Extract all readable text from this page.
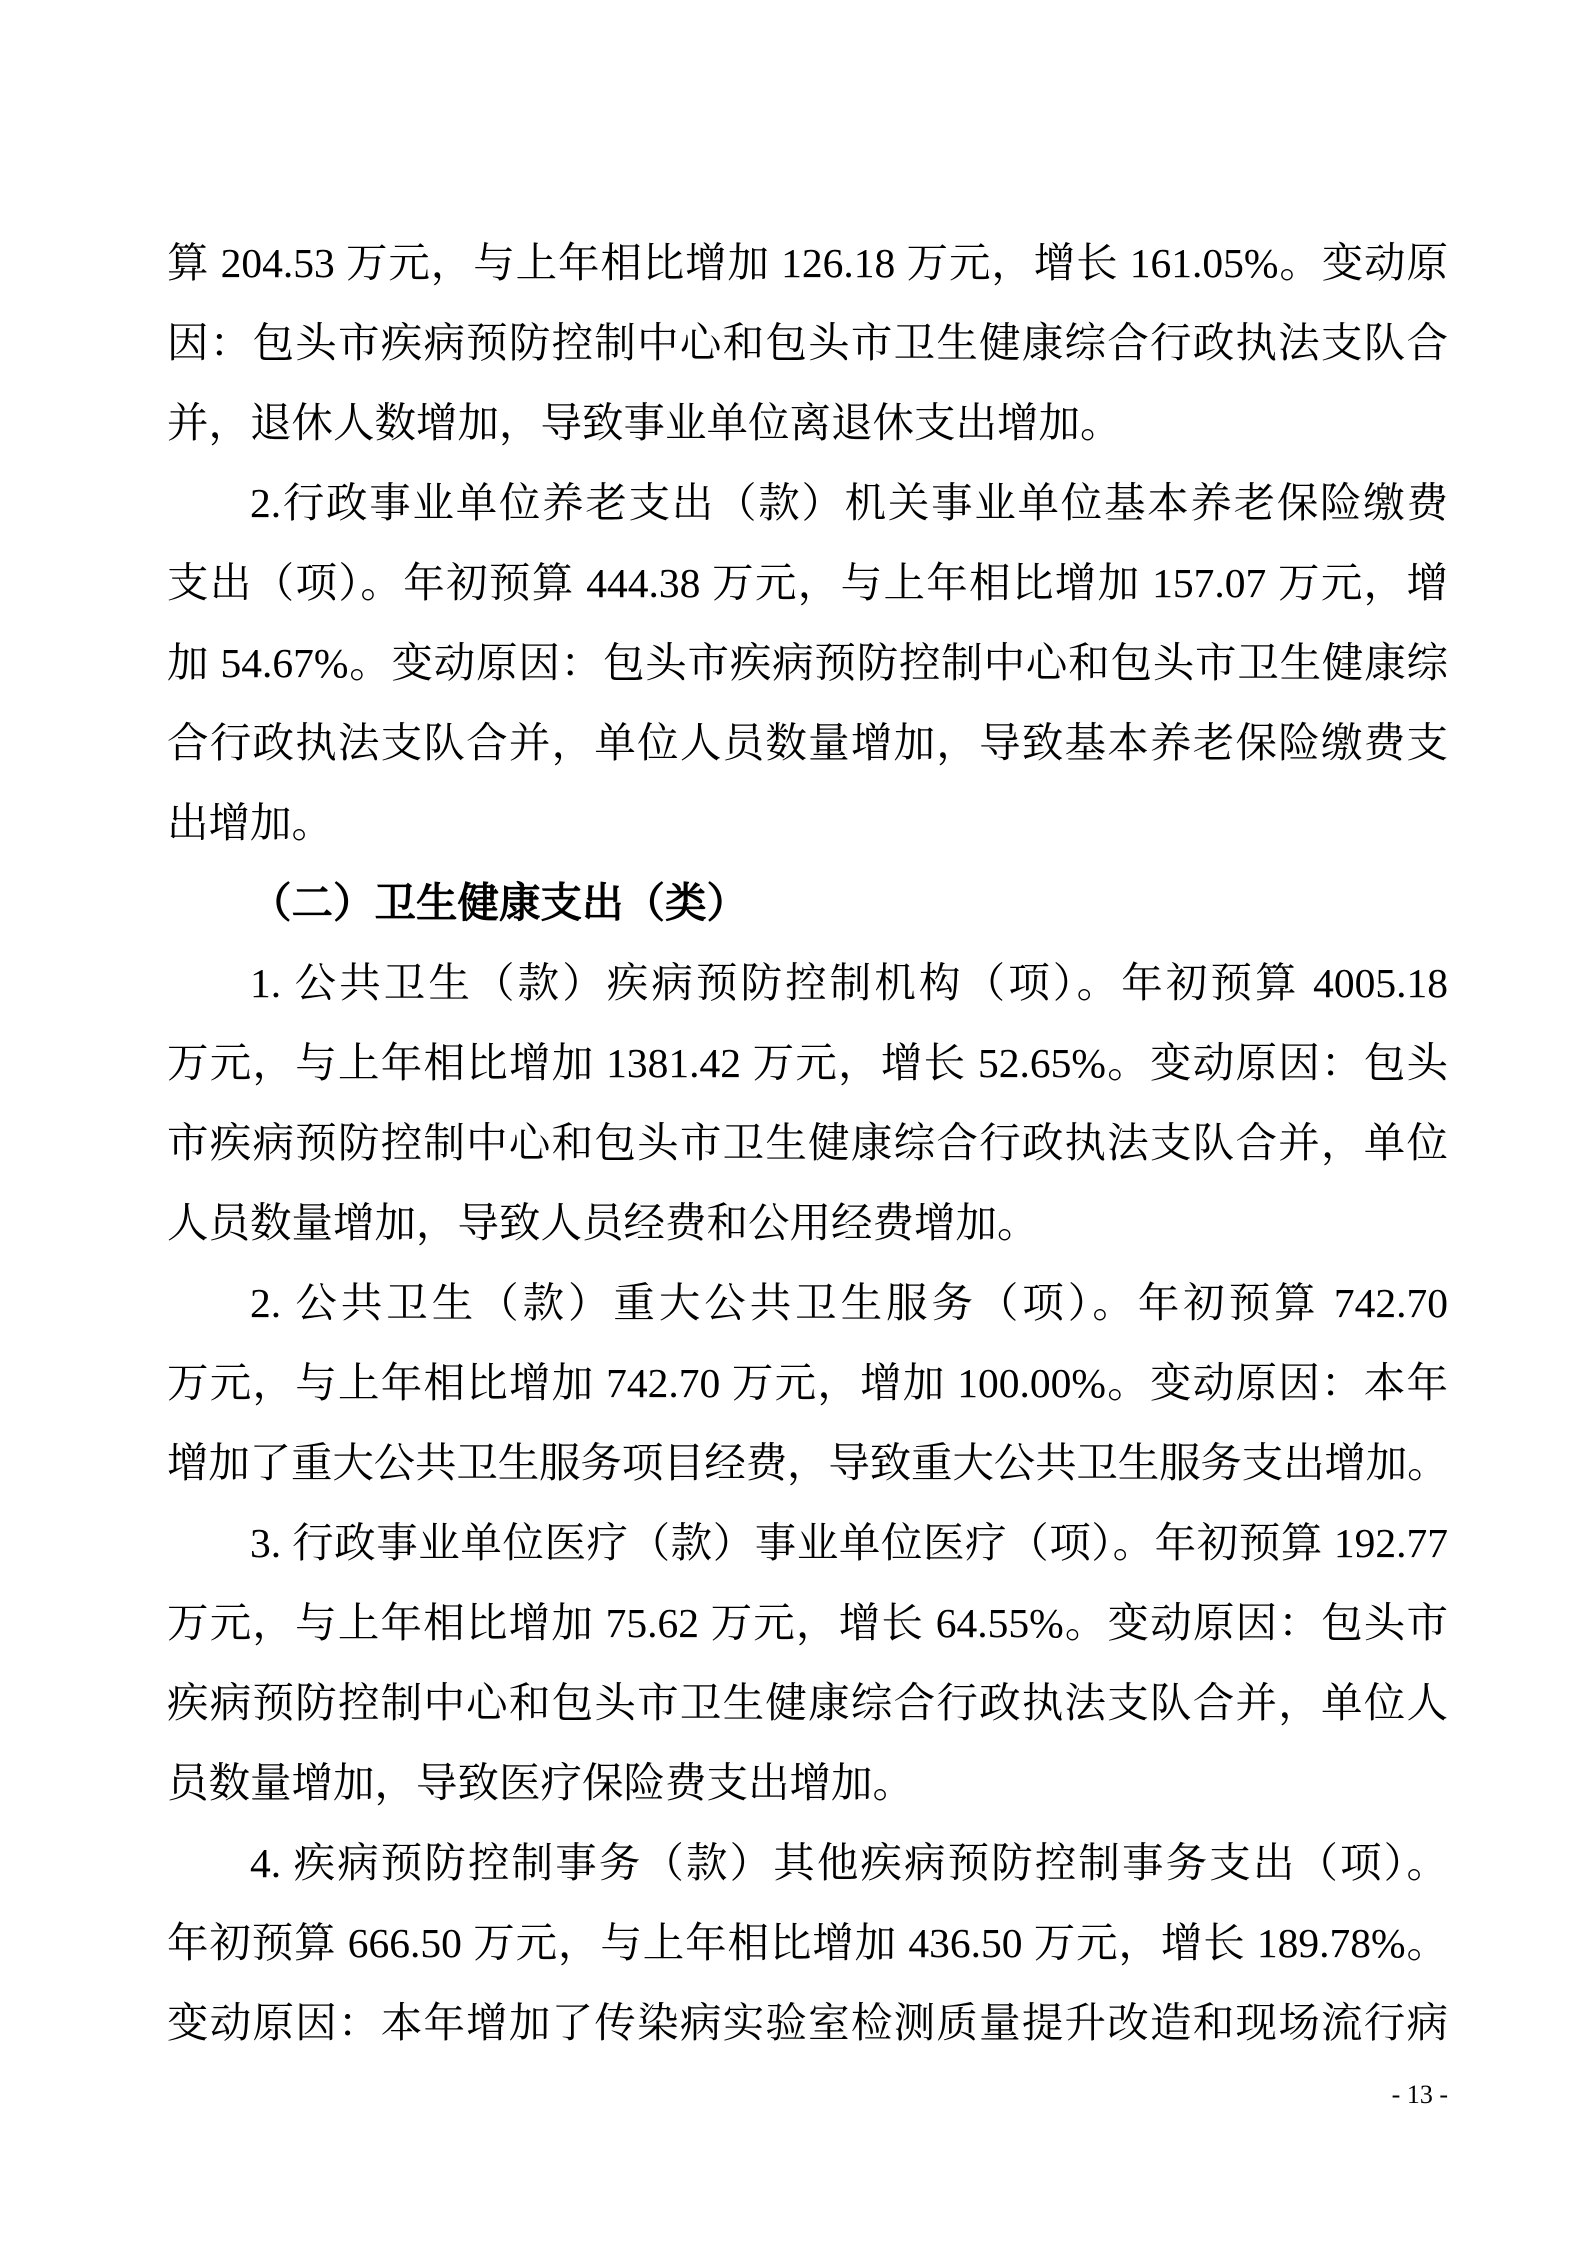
算 204.53 万元，与上年相比增加 126.18 万元，增长 161.05%。变动原
因：包头市疾病预防控制中心和包头市卫生健康综合行政执法支队合
并，退休人数增加，导致事业单位离退休支出增加。
2.行政事业单位养老支出（款）机关事业单位基本养老保险缴费
支出（项）。年初预算 444.38 万元，与上年相比增加 157.07 万元，增
加 54.67%。变动原因：包头市疾病预防控制中心和包头市卫生健康综
合行政执法支队合并，单位人员数量增加，导致基本养老保险缴费支
出增加。
（二）卫生健康支出（类）
1. 公共卫生（款）疾病预防控制机构（项）。年初预算 4005.18
万元，与上年相比增加 1381.42 万元，增长 52.65%。变动原因：包头
市疾病预防控制中心和包头市卫生健康综合行政执法支队合并，单位
人员数量增加，导致人员经费和公用经费增加。
2. 公共卫生（款）重大公共卫生服务（项）。年初预算 742.70
万元，与上年相比增加 742.70 万元，增加 100.00%。变动原因：本年
增加了重大公共卫生服务项目经费，导致重大公共卫生服务支出增加。
3. 行政事业单位医疗（款）事业单位医疗（项）。年初预算 192.77
万元，与上年相比增加 75.62 万元，增长 64.55%。变动原因：包头市
疾病预防控制中心和包头市卫生健康综合行政执法支队合并，单位人
员数量增加，导致医疗保险费支出增加。
4. 疾病预防控制事务（款）其他疾病预防控制事务支出（项）。
年初预算 666.50 万元，与上年相比增加 436.50 万元，增长 189.78%。
变动原因：本年增加了传染病实验室检测质量提升改造和现场流行病
- 13 -
